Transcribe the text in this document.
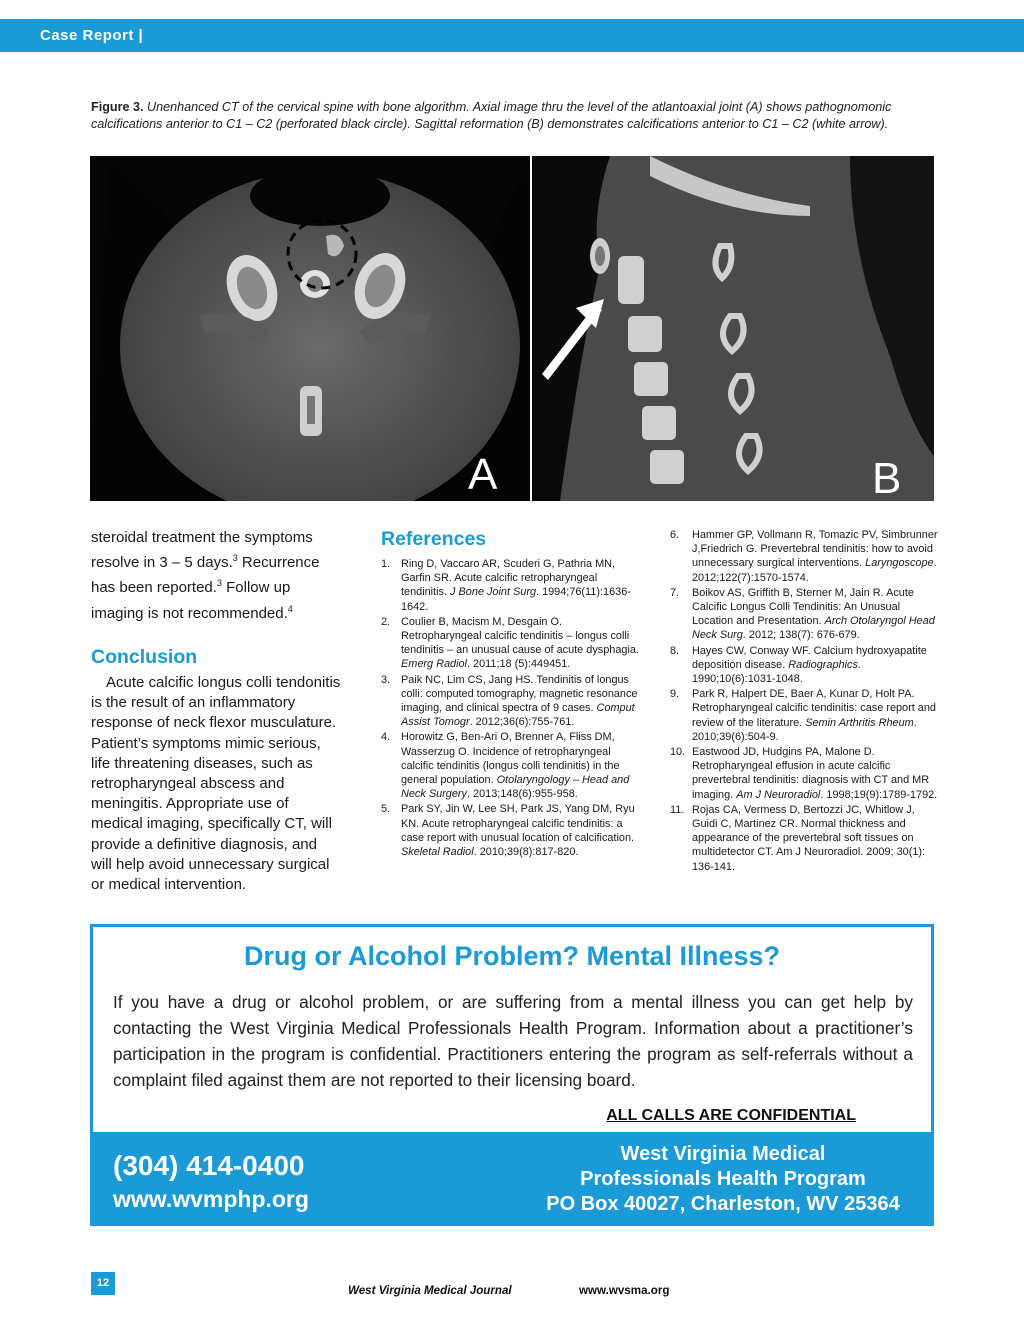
Case Report |
Figure 3. Unenhanced CT of the cervical spine with bone algorithm. Axial image thru the level of the atlantoaxial joint (A) shows pathognomonic calcifications anterior to C1 – C2 (perforated black circle). Sagittal reformation (B) demonstrates calcifications anterior to C1 – C2 (white arrow).
A	B

steroidal treatment the symptoms resolve in 3 – 5 days.$^3$ Recurrence has been reported.$^3$ Follow up imaging is not recommended.$^4$

Conclusion

Acute calcific longus colli tendonitis is the result of an inflammatory response of neck flexor musculature. Patient’s symptoms mimic serious, life threatening diseases, such as retropharyngeal abscess and meningitis. Appropriate use of medical imaging, specifically CT, will provide a definitive diagnosis, and will help avoid unnecessary surgical or medical intervention.

References

1. Ring D, Vaccaro AR, Scuderi G, Pathria MN, Garfin SR. Acute calcific retropharyngeal tendinitis. J Bone Joint Surg. 1994;76(11):1636-1642.
2. Coulier B, Macism M, Desgain O. Retropharyngeal calcific tendinitis – longus colli tendinitis – an unusual cause of acute dysphagia. Emerg Radiol. 2011;18 (5):449451.
3. Paik NC, Lim CS, Jang HS. Tendinitis of longus colli: computed tomography, magnetic resonance imaging, and clinical spectra of 9 cases. Comput Assist Tomogr. 2012;36(6):755-761.
4. Horowitz G, Ben-Ari O, Brenner A, Fliss DM, Wasserzug O. Incidence of retropharyngeal calcific tendinitis (longus colli tendinitis) in the general population. Otolaryngology – Head and Neck Surgery. 2013;148(6):955-958.
5. Park SY, Jin W, Lee SH, Park JS, Yang DM, Ryu KN. Acute retropharyngeal calcific tendinitis: a case report with unusual location of calcification. Skeletal Radiol. 2010;39(8):817-820.
6. Hammer GP, Vollmann R, Tomazic PV, Simbrunner J,Friedrich G. Prevertebral tendinitis: how to avoid unnecessary surgical interventions. Laryngoscope. 2012;122(7):1570-1574.
7. Boikov AS, Griffith B, Sterner M, Jain R. Acute Calcific Longus Colli Tendinitis: An Unusual Location and Presentation. Arch Otolaryngol Head Neck Surg. 2012; 138(7): 676-679.
8. Hayes CW, Conway WF. Calcium hydroxyapatite deposition disease. Radiographics. 1990;10(6):1031-1048.
9. Park R, Halpert DE, Baer A, Kunar D, Holt PA. Retropharyngeal calcific tendinitis: case report and review of the literature. Semin Arthritis Rheum. 2010;39(6):504-9.
10. Eastwood JD, Hudgins PA, Malone D. Retropharyngeal effusion in acute calcific prevertebral tendinitis: diagnosis with CT and MR imaging. Am J Neuroradiol. 1998;19(9):1789-1792.
11. Rojas CA, Vermess D, Bertozzi JC, Whitlow J, Guidi C, Martinez CR. Normal thickness and appearance of the prevertebral soft tissues on multidetector CT. Am J Neuroradiol. 2009; 30(1): 136-141.
Drug or Alcohol Problem? Mental Illness?
If you have a drug or alcohol problem, or are suffering from a mental illness you can get help by contacting the West Virginia Medical Professionals Health Program. Information about a practitioner’s participation in the program is confidential. Practitioners entering the program as self-referrals without a complaint filed against them are not reported to their licensing board.
ALL CALLS ARE CONFIDENTIAL
(304) 414-0400
www.wvmphp.org
West Virginia Medical
Professionals Health Program
PO Box 40027, Charleston, WV 25364
12
West Virginia Medical Journal	www.wvsma.org
